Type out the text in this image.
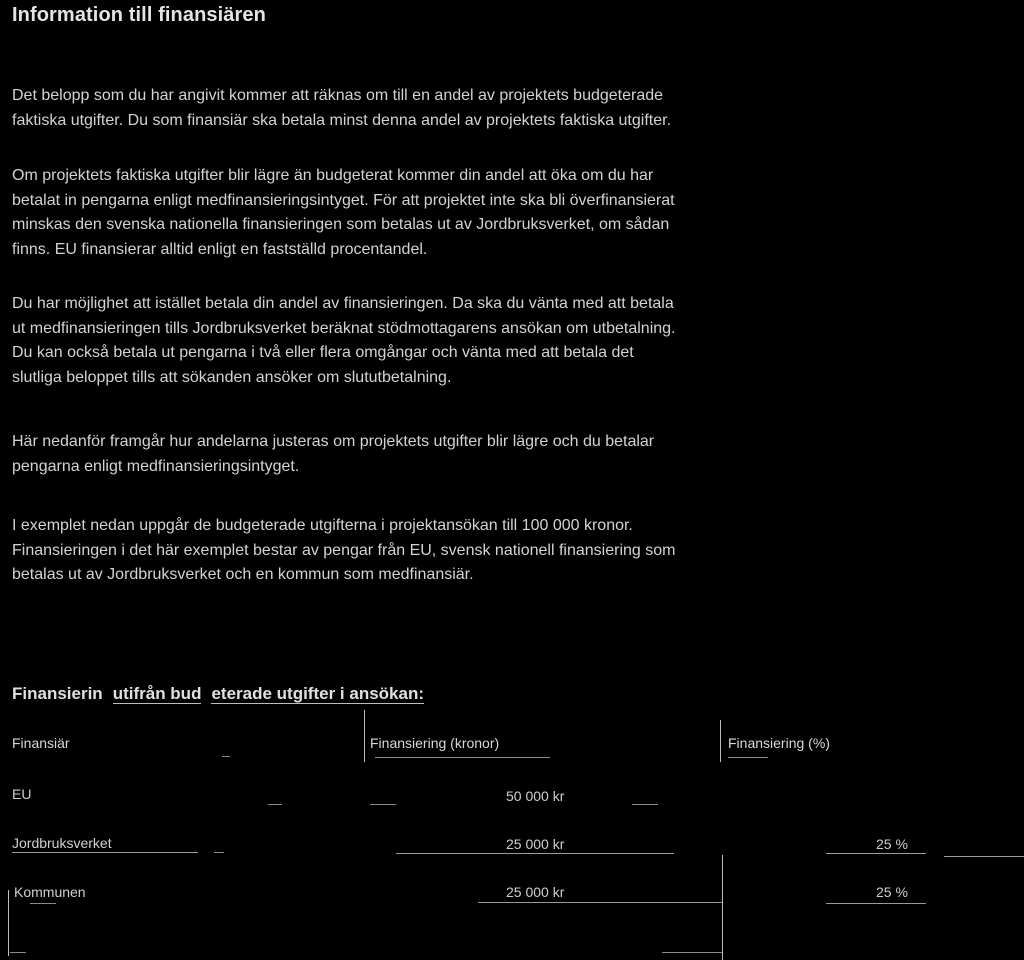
Information till finansiären

Det belopp som du har angivit kommer att räknas om till en andel av projektets budgeterade
faktiska utgifter. Du som finansiär ska betala minst denna andel av projektets faktiska utgifter.

Om projektets faktiska utgifter blir lägre än budgeterat kommer din andel att öka om du har
betalat in pengarna enligt medfinansieringsintyget. För att projektet inte ska bli överfinansierat
minskas den svenska nationella finansieringen som betalas ut av Jordbruksverket, om sådan
finns. EU finansierar alltid enligt en fastställd procentandel.

Du har möjlighet att istället betala din andel av finansieringen. Da ska du vänta med att betala
ut medfinansieringen tills Jordbruksverket beräknat stödmottagarens ansökan om utbetalning.
Du kan också betala ut pengarna i två eller flera omgångar och vänta med att betala det
slutliga beloppet tills att sökanden ansöker om slututbetalning.

Här nedanför framgår hur andelarna justeras om projektets utgifter blir lägre och du betalar
pengarna enligt medfinansieringsintyget.

I exemplet nedan uppgår de budgeterade utgifterna i projektansökan till 100 000 kronor.
Finansieringen i det här exemplet bestar av pengar från EU, svensk nationell finansiering som
betalas ut av Jordbruksverket och en kommun som medfinansiär.

Finansierin utifrån bud eterade utgifter i ansökan:
Finansiär	Finansiering (kronor)	Finansiering (%)
EU	50 000 kr
Jordbruksverket	25 000 kr	25 %
Kommunen	25 000 kr	25 %
